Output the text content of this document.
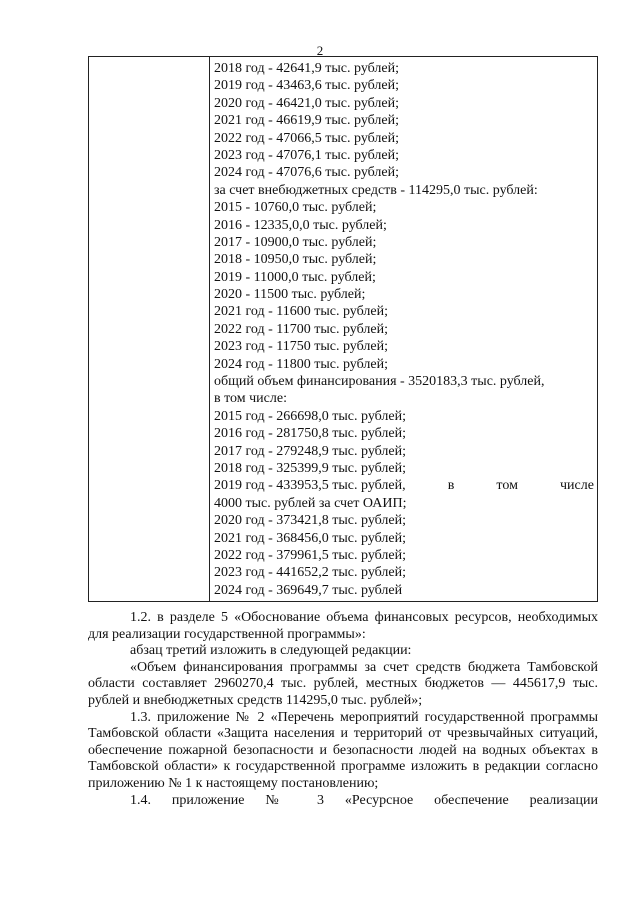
2
2018 год - 42641,9 тыс. рублей;
2019 год - 43463,6 тыс. рублей;
2020 год - 46421,0 тыс. рублей;
2021 год - 46619,9 тыс. рублей;
2022 год - 47066,5 тыс. рублей;
2023 год - 47076,1 тыс. рублей;
2024 год - 47076,6 тыс. рублей;
за счет внебюджетных средств - 114295,0 тыс. рублей:
2015 - 10760,0 тыс. рублей;
2016 - 12335,0,0 тыс. рублей;
2017 - 10900,0 тыс. рублей;
2018 - 10950,0 тыс. рублей;
2019 - 11000,0 тыс. рублей;
2020 - 11500 тыс. рублей;
2021 год - 11600 тыс. рублей;
2022 год - 11700 тыс. рублей;
2023 год - 11750 тыс. рублей;
2024 год - 11800 тыс. рублей;
общий объем финансирования - 3520183,3 тыс. рублей,
в том числе:
2015 год - 266698,0 тыс. рублей;
2016 год - 281750,8 тыс. рублей;
2017 год - 279248,9 тыс. рублей;
2018 год - 325399,9 тыс. рублей;
2019 год - 433953,5 тыс. рублей,	в	том	числе
4000 тыс. рублей за счет ОАИП;
2020 год - 373421,8 тыс. рублей;
2021 год - 368456,0 тыс. рублей;
2022 год - 379961,5 тыс. рублей;
2023 год - 441652,2 тыс. рублей;
2024 год - 369649,7 тыс. рублей

1.2. в разделе 5 «Обоснование объема финансовых ресурсов, необходимых для реализации государственной программы»:

абзац третий изложить в следующей редакции:

«Объем финансирования программы за счет средств бюджета Тамбовской области составляет 2960270,4 тыс. рублей, местных бюджетов — 445617,9 тыс. рублей и внебюджетных средств 114295,0 тыс. рублей»;

1.3. приложение № 2 «Перечень мероприятий государственной программы Тамбовской области «Защита населения и территорий от чрезвычайных ситуаций, обеспечение пожарной безопасности и безопасности людей на водных объектах в Тамбовской области» к государственной программе изложить в редакции согласно приложению № 1 к настоящему постановлению;

1.4. приложение № 3 «Ресурсное обеспечение реализации
